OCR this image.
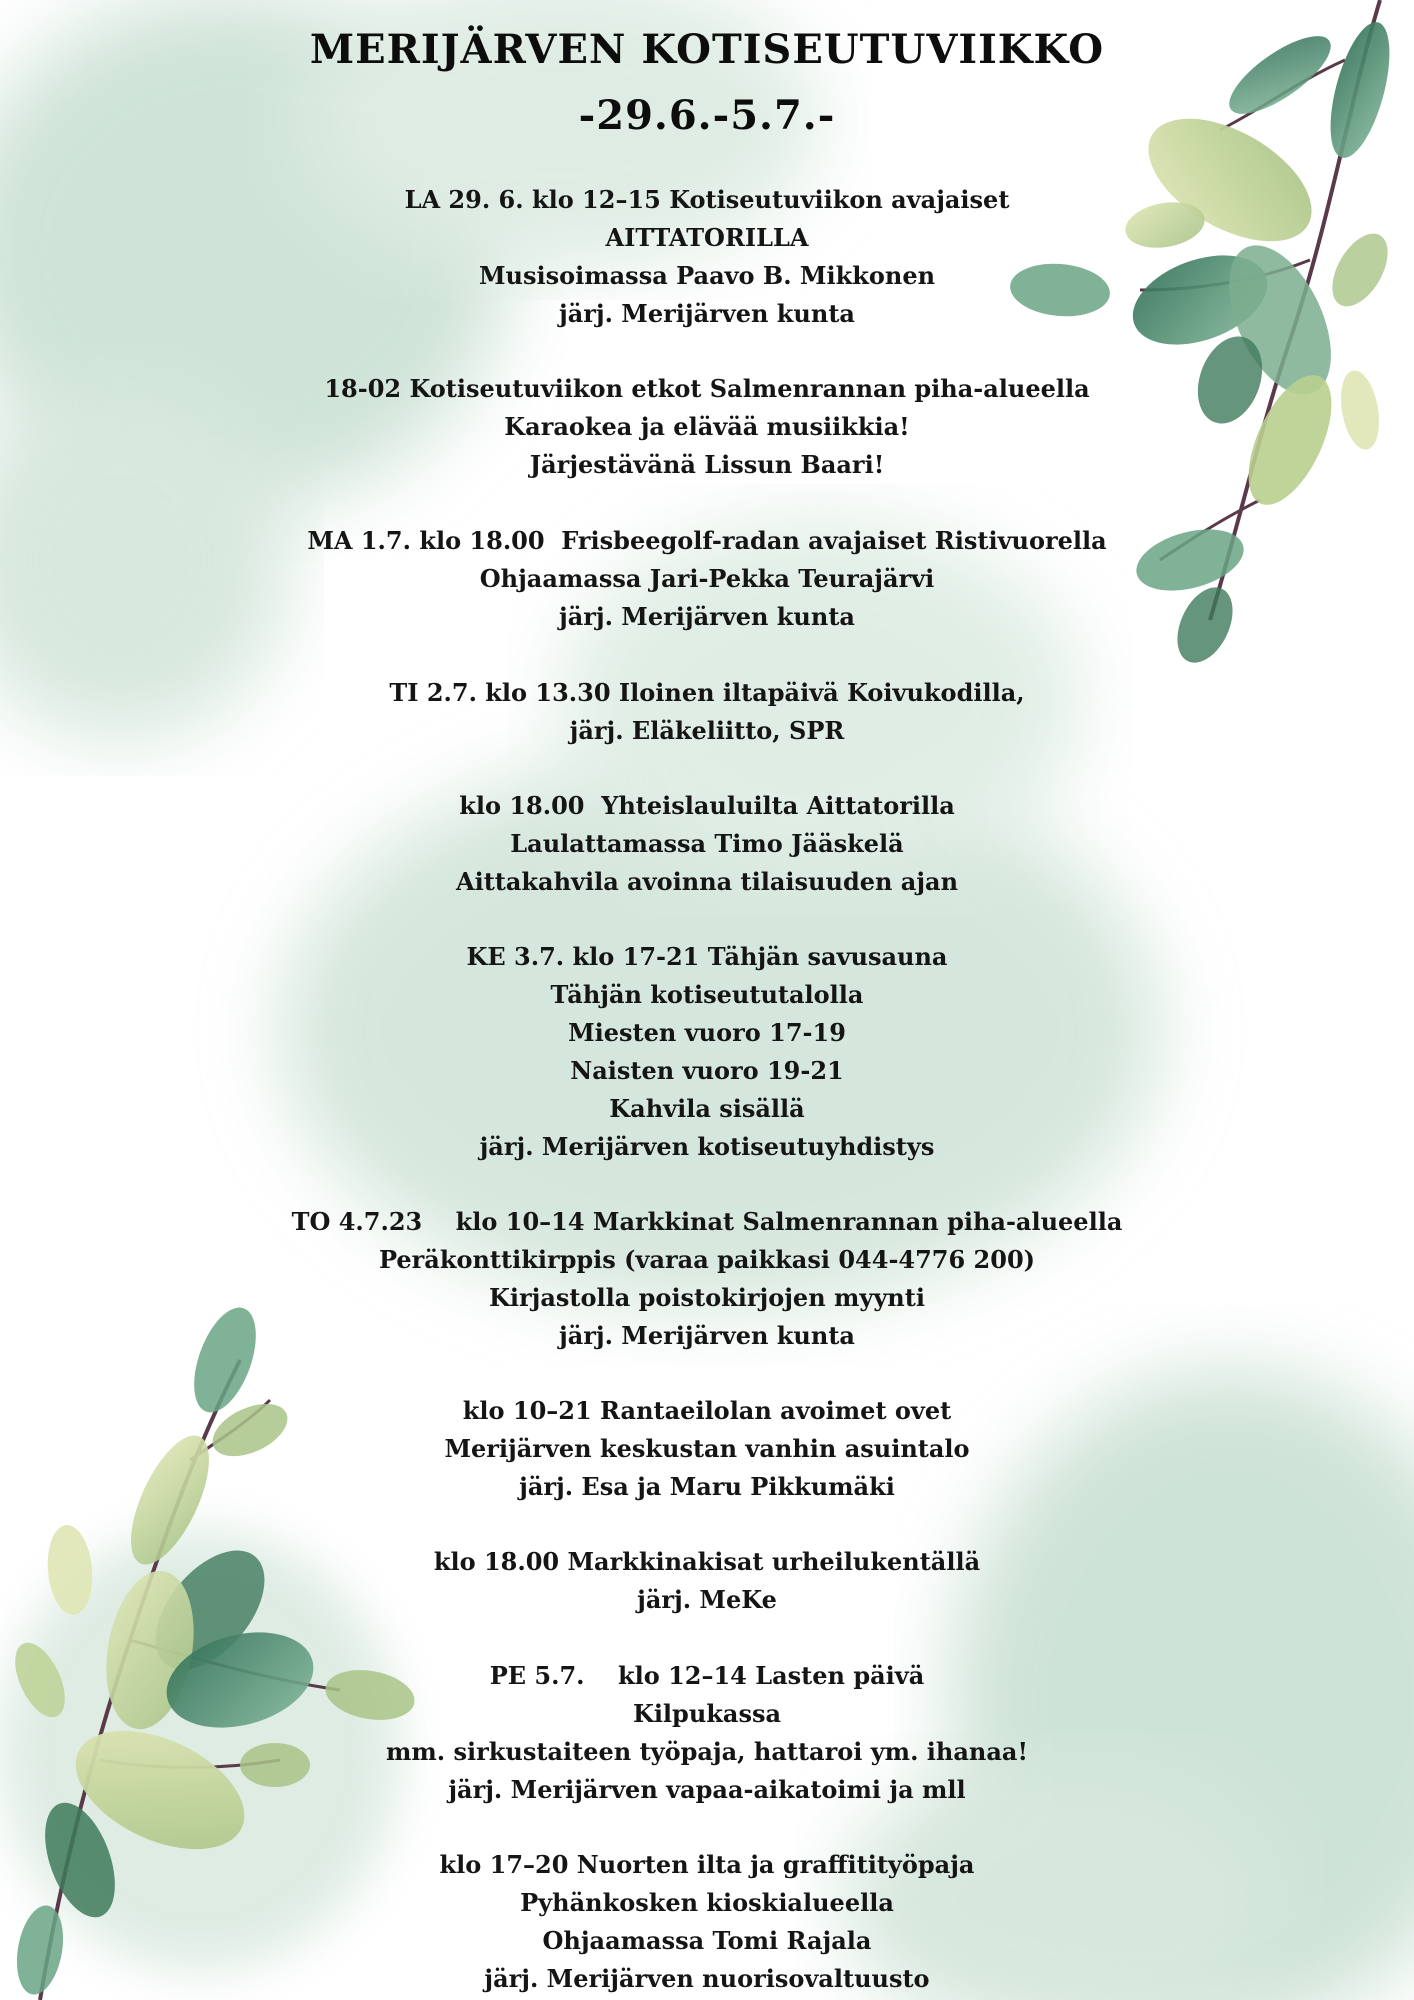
MERIJÄRVEN KOTISEUTUVIIKKO
-29.6.-5.7.-
LA 29. 6. klo 12–15 Kotiseutuviikon avajaiset
AITTATORILLA
Musisoimassa Paavo B. Mikkonen
järj. Merijärven kunta
18-02 Kotiseutuviikon etkot Salmenrannan piha-alueella
Karaokea ja elävää musiikkia!
Järjestävänä Lissun Baari!
MA 1.7. klo 18.00  Frisbeegolf-radan avajaiset Ristivuorella
Ohjaamassa Jari-Pekka Teurajärvi
järj. Merijärven kunta
TI 2.7. klo 13.30 Iloinen iltapäivä Koivukodilla,
järj. Eläkeliitto, SPR
klo 18.00  Yhteislauluilta Aittatorilla
Laulattamassa Timo Jääskelä
Aittakahvila avoinna tilaisuuden ajan
KE 3.7. klo 17-21 Tähjän savusauna
Tähjän kotiseututalolla
Miesten vuoro 17-19
Naisten vuoro 19-21
Kahvila sisällä
järj. Merijärven kotiseutuyhdistys
TO 4.7.23    klo 10–14 Markkinat Salmenrannan piha-alueella
Peräkonttikirppis (varaa paikkasi 044-4776 200)
Kirjastolla poistokirjojen myynti
järj. Merijärven kunta
klo 10–21 Rantaeilolan avoimet ovet
Merijärven keskustan vanhin asuintalo
järj. Esa ja Maru Pikkumäki
klo 18.00 Markkinakisat urheilukentällä
järj. MeKe
PE 5.7.    klo 12–14 Lasten päivä
Kilpukassa
mm. sirkustaiteen työpaja, hattaroi ym. ihanaa!
järj. Merijärven vapaa-aikatoimi ja mll
klo 17–20 Nuorten ilta ja graffitityöpaja
Pyhänkosken kioskialueella
Ohjaamassa Tomi Rajala
järj. Merijärven nuorisovaltuusto
